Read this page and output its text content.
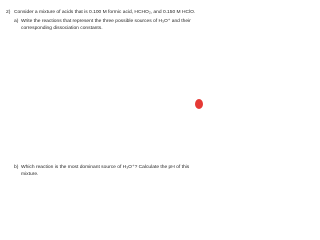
2) Consider a mixture of acids that is 0.100 M formic acid, HCHO₂, and 0.150 M HClO.
a) Write the reactions that represent the three possible sources of H₃O⁺ and their
corresponding dissociation constants.
b) Which reaction is the most dominant source of H₃O⁺? Calculate the pH of this
mixture.
